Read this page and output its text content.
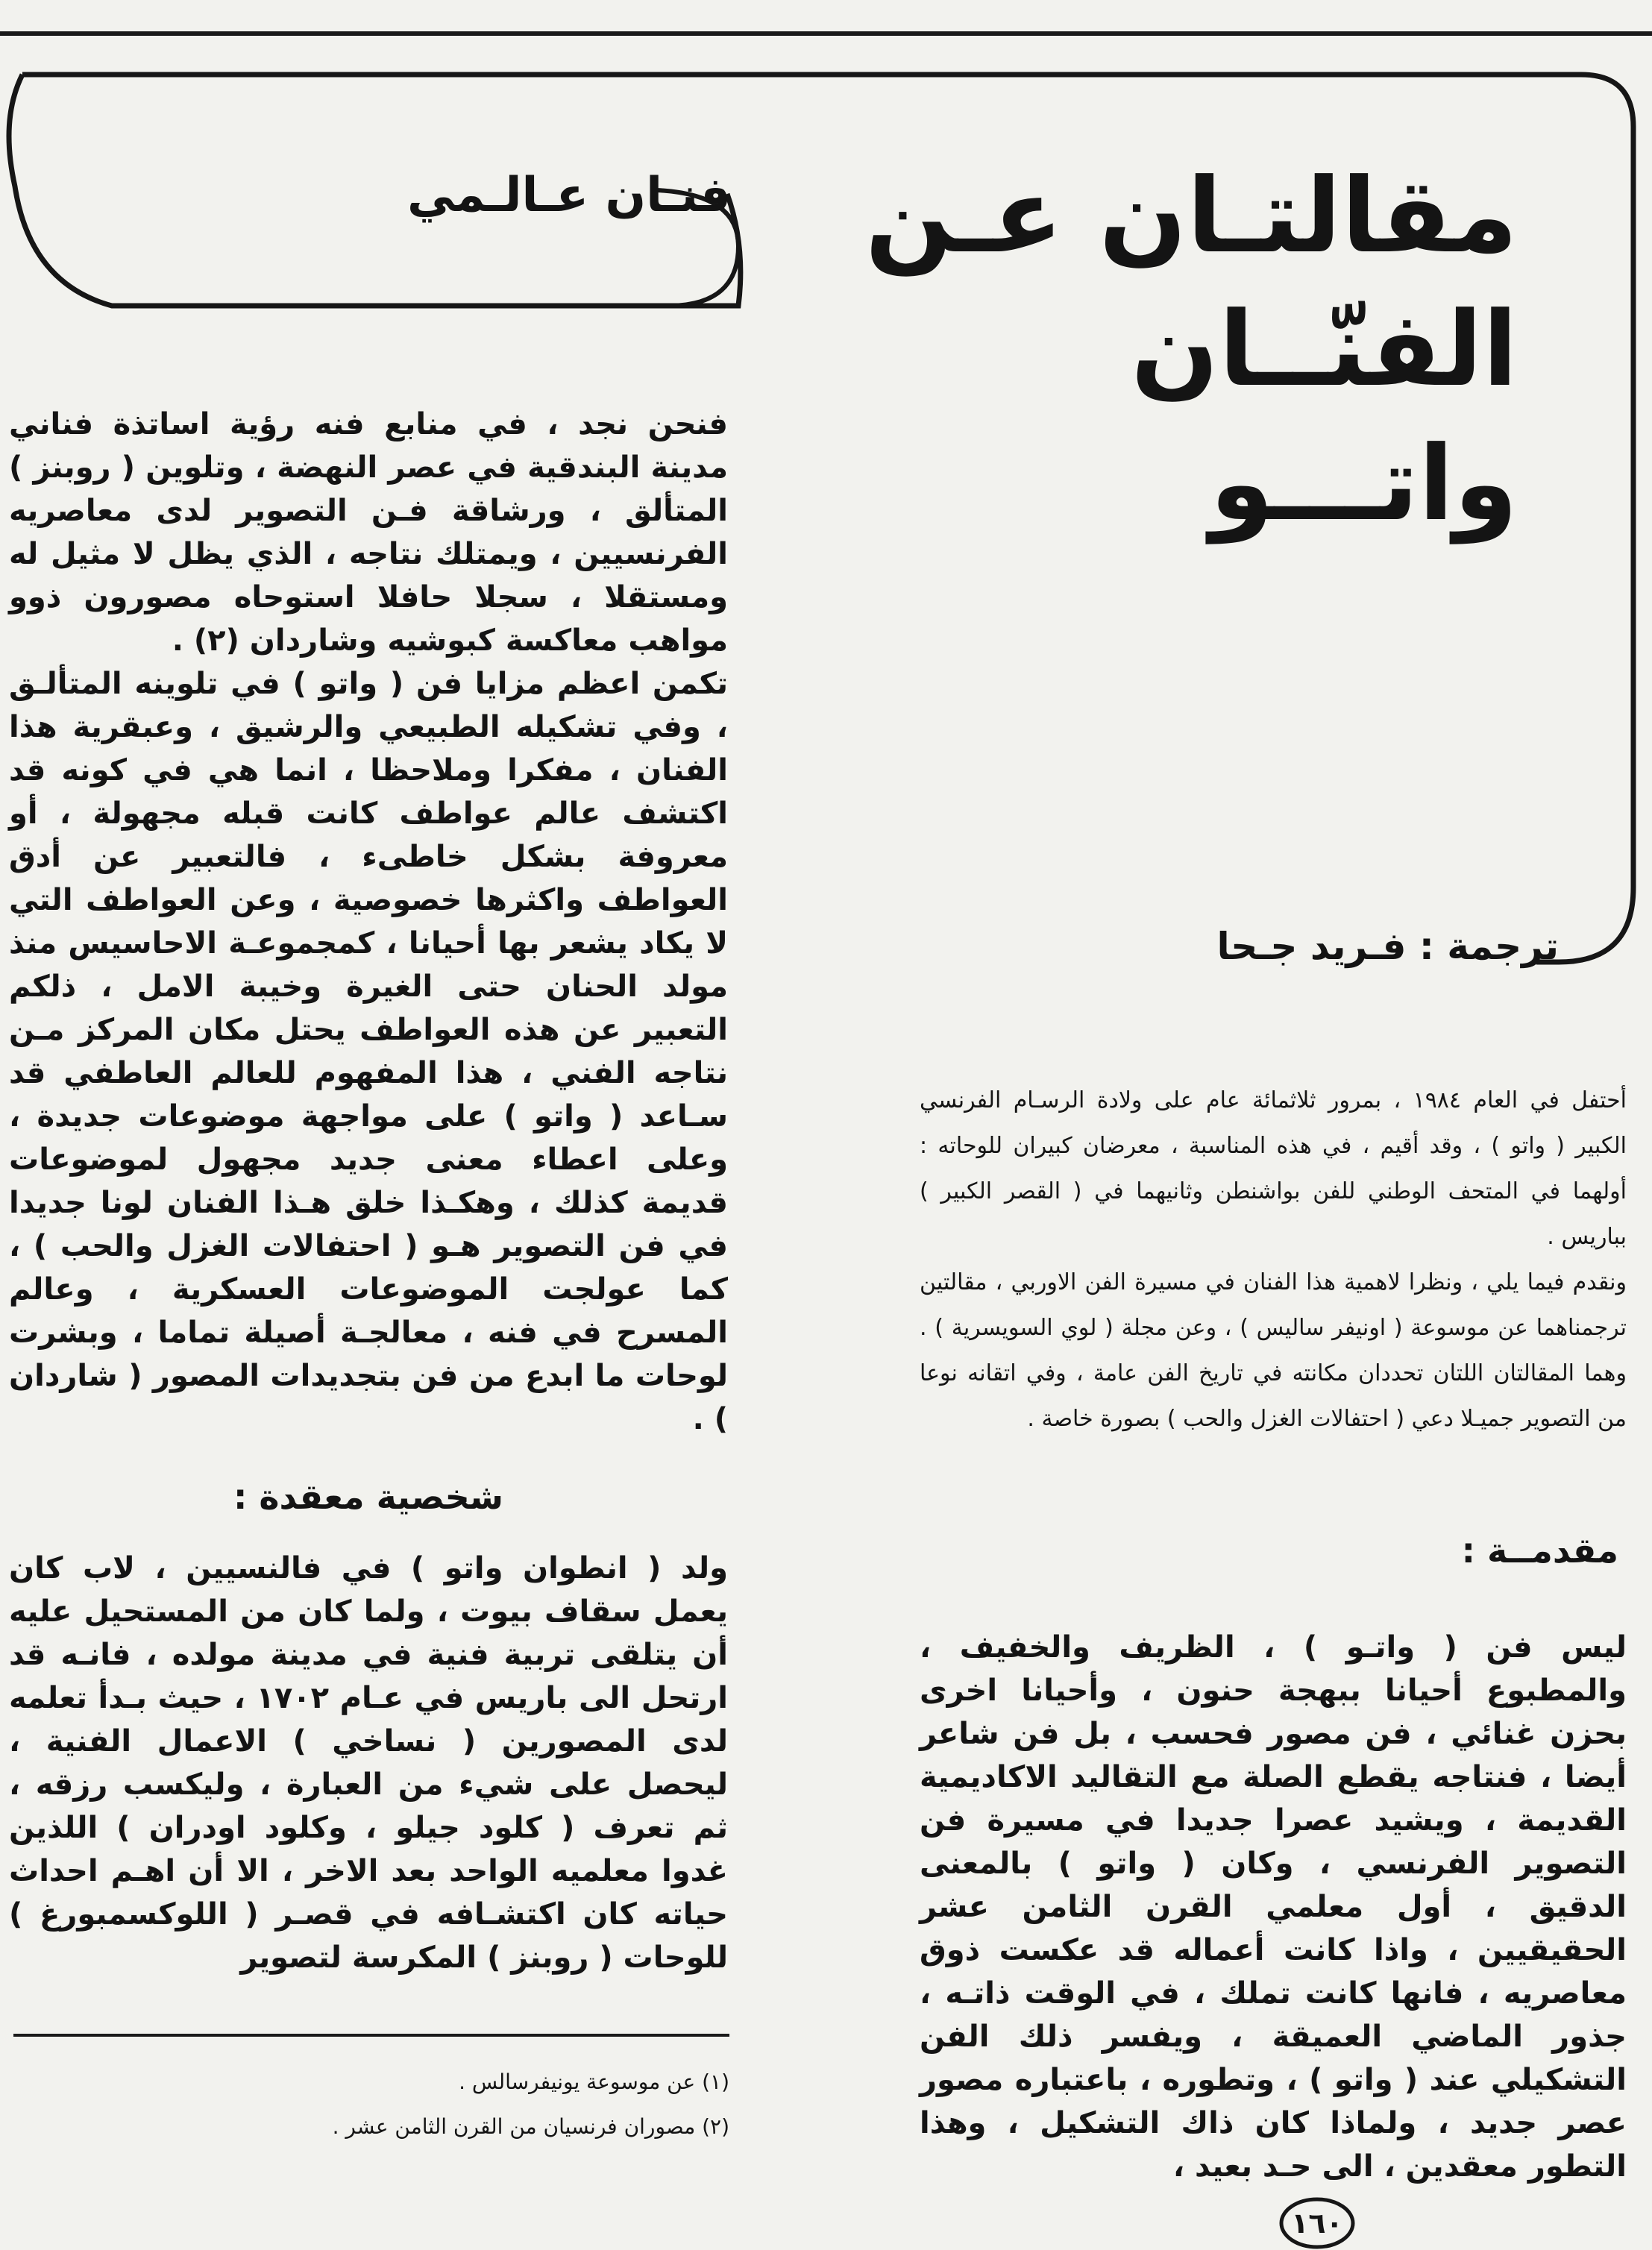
مقالتـان عـن
الفنّــان
واتـــو
فنـان عـالـمي
ترجمة : فـريد جـحا

أحتفل في العام ١٩٨٤ ، بمرور ثلاثمائة عام على ولادة الرسـام الفرنسي الكبير ( واتو ) ، وقد أقيم ، في هذه المناسبة ، معرضان كبيران للوحاته : أولهما في المتحف الوطني للفن بواشنطن وثانيهما في ( القصر الكبير ) بباريس .

ونقدم فيما يلي ، ونظرا لاهمية هذا الفنان في مسيرة الفن الاوربي ، مقالتين ترجمناهما عن موسوعة ( اونيفر ساليس ) ، وعن مجلة ( لوي السويسرية ) . وهما المقالتان اللتان تحددان مكانته في تاريخ الفن عامة ، وفي اتقانه نوعا من التصوير جميـلا دعي ( احتفالات الغزل والحب ) بصورة خاصة .

مقدمــة :

ليس فن ( واتـو ) ، الظريف والخفيف ، والمطبوع أحيانا ببهجة حنون ، وأحيانا اخرى بحزن غنائي ، فن مصور فحسب ، بل فن شاعر أيضا ، فنتاجه يقطع الصلة مع التقاليد الاكاديمية القديمة ، ويشيد عصرا جديدا في مسيرة فن التصوير الفرنسي ، وكان ( واتو ) بالمعنى الدقيق ، أول معلمي القرن الثامن عشر الحقيقيين ، واذا كانت أعماله قد عكست ذوق معاصريه ، فانها كانت تملك ، في الوقت ذاتـه ، جذور الماضي العميقة ، ويفسر ذلك الفن التشكيلي عند ( واتو ) ، وتطوره ، باعتباره مصور عصر جديد ، ولماذا كان ذاك التشكيل ، وهذا التطور معقدين ، الى حـد بعيد ،

فنحن نجد ، في منابع فنه رؤية اساتذة فناني مدينة البندقية في عصر النهضة ، وتلوين ( روبنز ) المتألق ، ورشاقة فـن التصوير لدى معاصريه الفرنسيين ، ويمتلك نتاجه ، الذي يظل لا مثيل له ومستقلا ، سجلا حافلا استوحاه مصورون ذوو مواهب معاكسة كبوشيه وشاردان (٢) .

تكمن اعظم مزايا فن ( واتو ) في تلوينه المتألـق ، وفي تشكيله الطبيعي والرشيق ، وعبقرية هذا الفنان ، مفكرا وملاحظا ، انما هي في كونه قد اكتشف عالم عواطف كانت قبله مجهولة ، أو معروفة بشكل خاطىء ، فالتعبير عن أدق العواطف واكثرها خصوصية ، وعن العواطف التي لا يكاد يشعر بها أحيانا ، كمجموعـة الاحاسيس منذ مولد الحنان حتى الغيرة وخيبة الامل ، ذلكم التعبير عن هذه العواطف يحتل مكان المركز مـن نتاجه الفني ، هذا المفهوم للعالم العاطفي قد سـاعد ( واتو ) على مواجهة موضوعات جديدة ، وعلى اعطاء معنى جديد مجهول لموضوعات قديمة كذلك ، وهكـذا خلق هـذا الفنان لونا جديدا في فن التصوير هـو ( احتفالات الغزل والحب ) ، كما عولجت الموضوعات العسكرية ، وعالم المسرح في فنه ، معالجـة أصيلة تماما ، وبشرت لوحات ما ابدع من فن بتجديدات المصور ( شاردان ) .

شخصية معقدة :

ولد ( انطوان واتو ) في فالنسيين ، لاب كان يعمل سقاف بيوت ، ولما كان من المستحيل عليه أن يتلقى تربية فنية في مدينة مولده ، فانـه قد ارتحل الى باريس في عـام ١٧٠٢ ، حيث بـدأ تعلمه لدى المصورين ( نساخي ) الاعمال الفنية ، ليحصل على شيء من العبارة ، وليكسب رزقه ، ثم تعرف ( كلود جيلو ، وكلود اودران ) اللذين غدوا معلميه الواحد بعد الاخر ، الا أن اهـم احداث حياته كان اكتشـافه في قصـر ( اللوكسمبورغ ) للوحات ( روبنز ) المكرسة لتصوير

(١) عن موسوعة يونيفرسالس .
(٢) مصوران فرنسيان من القرن الثامن عشر .
١٦٠
